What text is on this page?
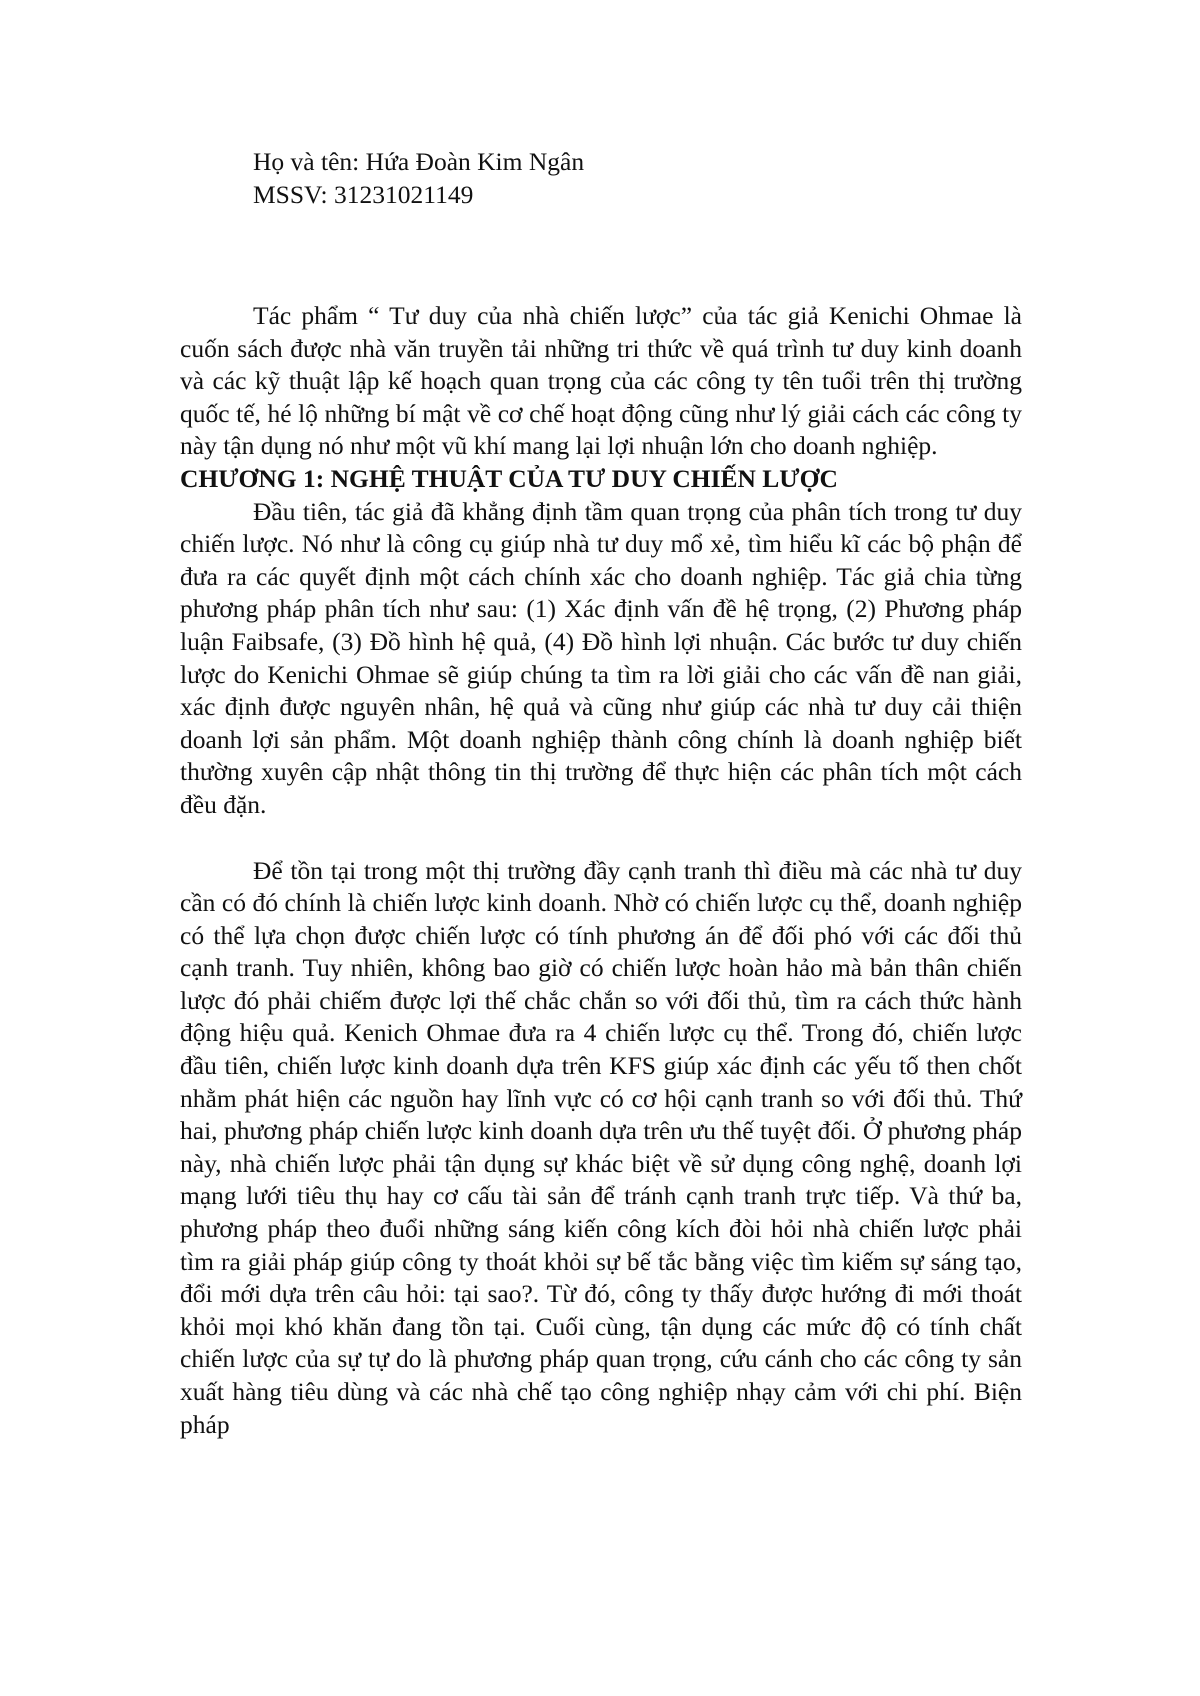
Họ và tên: Hứa Đoàn Kim Ngân
MSSV: 31231021149

Tác phẩm “ Tư duy của nhà chiến lược” của tác giả Kenichi Ohmae là cuốn sách được nhà văn truyền tải những tri thức về quá trình tư duy kinh doanh và các kỹ thuật lập kế hoạch quan trọng của các công ty tên tuổi trên thị trường quốc tế, hé lộ những bí mật về cơ chế hoạt động cũng như lý giải cách các công ty này tận dụng nó như một vũ khí mang lại lợi nhuận lớn cho doanh nghiệp.

CHƯƠNG 1: NGHỆ THUẬT CỦA TƯ DUY CHIẾN LƯỢC

Đầu tiên, tác giả đã khẳng định tầm quan trọng của phân tích trong tư duy chiến lược. Nó như là công cụ giúp nhà tư duy mổ xẻ, tìm hiểu kĩ các bộ phận để đưa ra các quyết định một cách chính xác cho doanh nghiệp. Tác giả chia từng phương pháp phân tích như sau: (1) Xác định vấn đề hệ trọng, (2) Phương pháp luận Faibsafe, (3) Đồ hình hệ quả, (4) Đồ hình lợi nhuận. Các bước tư duy chiến lược do Kenichi Ohmae sẽ giúp chúng ta tìm ra lời giải cho các vấn đề nan giải, xác định được nguyên nhân, hệ quả và cũng như giúp các nhà tư duy cải thiện doanh lợi sản phẩm. Một doanh nghiệp thành công chính là doanh nghiệp biết thường xuyên cập nhật thông tin thị trường để thực hiện các phân tích một cách đều đặn.

Để tồn tại trong một thị trường đầy cạnh tranh thì điều mà các nhà tư duy cần có đó chính là chiến lược kinh doanh. Nhờ có chiến lược cụ thể, doanh nghiệp có thể lựa chọn được chiến lược có tính phương án để đối phó với các đối thủ cạnh tranh. Tuy nhiên, không bao giờ có chiến lược hoàn hảo mà bản thân chiến lược đó phải chiếm được lợi thế chắc chắn so với đối thủ, tìm ra cách thức hành động hiệu quả. Kenich Ohmae đưa ra 4 chiến lược cụ thể. Trong đó, chiến lược đầu tiên, chiến lược kinh doanh dựa trên KFS giúp xác định các yếu tố then chốt nhằm phát hiện các nguồn hay lĩnh vực có cơ hội cạnh tranh so với đối thủ. Thứ hai, phương pháp chiến lược kinh doanh dựa trên ưu thế tuyệt đối. Ở phương pháp này, nhà chiến lược phải tận dụng sự khác biệt về sử dụng công nghệ, doanh lợi mạng lưới tiêu thụ hay cơ cấu tài sản để tránh cạnh tranh trực tiếp. Và thứ ba, phương pháp theo đuổi những sáng kiến công kích đòi hỏi nhà chiến lược phải tìm ra giải pháp giúp công ty thoát khỏi sự bế tắc bằng việc tìm kiếm sự sáng tạo, đổi mới dựa trên câu hỏi: tại sao?. Từ đó, công ty thấy được hướng đi mới thoát khỏi mọi khó khăn đang tồn tại. Cuối cùng, tận dụng các mức độ có tính chất chiến lược của sự tự do là phương pháp quan trọng, cứu cánh cho các công ty sản xuất hàng tiêu dùng và các nhà chế tạo công nghiệp nhạy cảm với chi phí. Biện pháp
